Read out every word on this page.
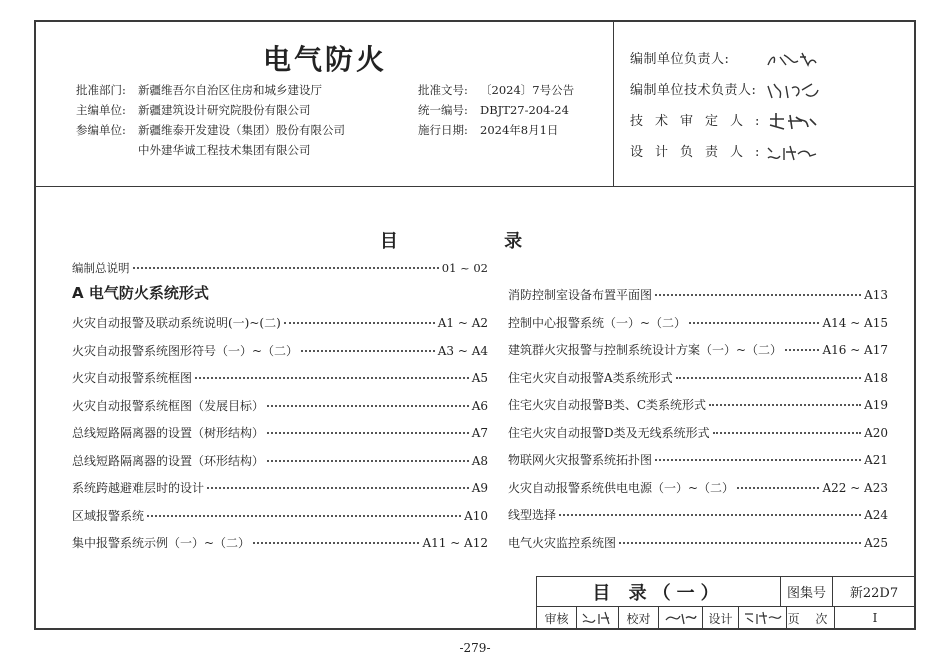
电气防火
批准部门: 新疆维吾尔自治区住房和城乡建设厅
主编单位: 新疆建筑设计研究院股份有限公司
参编单位: 新疆维泰开发建设（集团）股份有限公司
中外建华诚工程技术集团有限公司
批准文号: 〔2024〕7号公告
统一编号: DBJT27-204-24
施行日期: 2024年8月1日
编制单位负责人:
编制单位技术负责人:
技术审定人:
设计负责人:
目 录
编制总说明	01 ~ 02
A 电气防火系统形式
火灾自动报警及联动系统说明(一)~(二)	A1 ~ A2
火灾自动报警系统图形符号（一）~（二）	A3 ~ A4
火灾自动报警系统框图	A5
火灾自动报警系统框图（发展目标）	A6
总线短路隔离器的设置（树形结构）	A7
总线短路隔离器的设置（环形结构）	A8
系统跨越避难层时的设计	A9
区域报警系统	A10
集中报警系统示例（一）~（二）	A11 ~ A12
消防控制室设备布置平面图	A13
控制中心报警系统（一）~（二）	A14 ~ A15
建筑群火灾报警与控制系统设计方案（一）~（二）	A16 ~ A17
住宅火灾自动报警A类系统形式	A18
住宅火灾自动报警B类、C类系统形式	A19
住宅火灾自动报警D类及无线系统形式	A20
物联网火灾报警系统拓扑图	A21
火灾自动报警系统供电电源（一）~（二）	A22 ~ A23
线型选择	A24
电气火灾监控系统图	A25
目 录（一）	图集号	新22D7
审核	校对	设计	页 次	I
-279-
